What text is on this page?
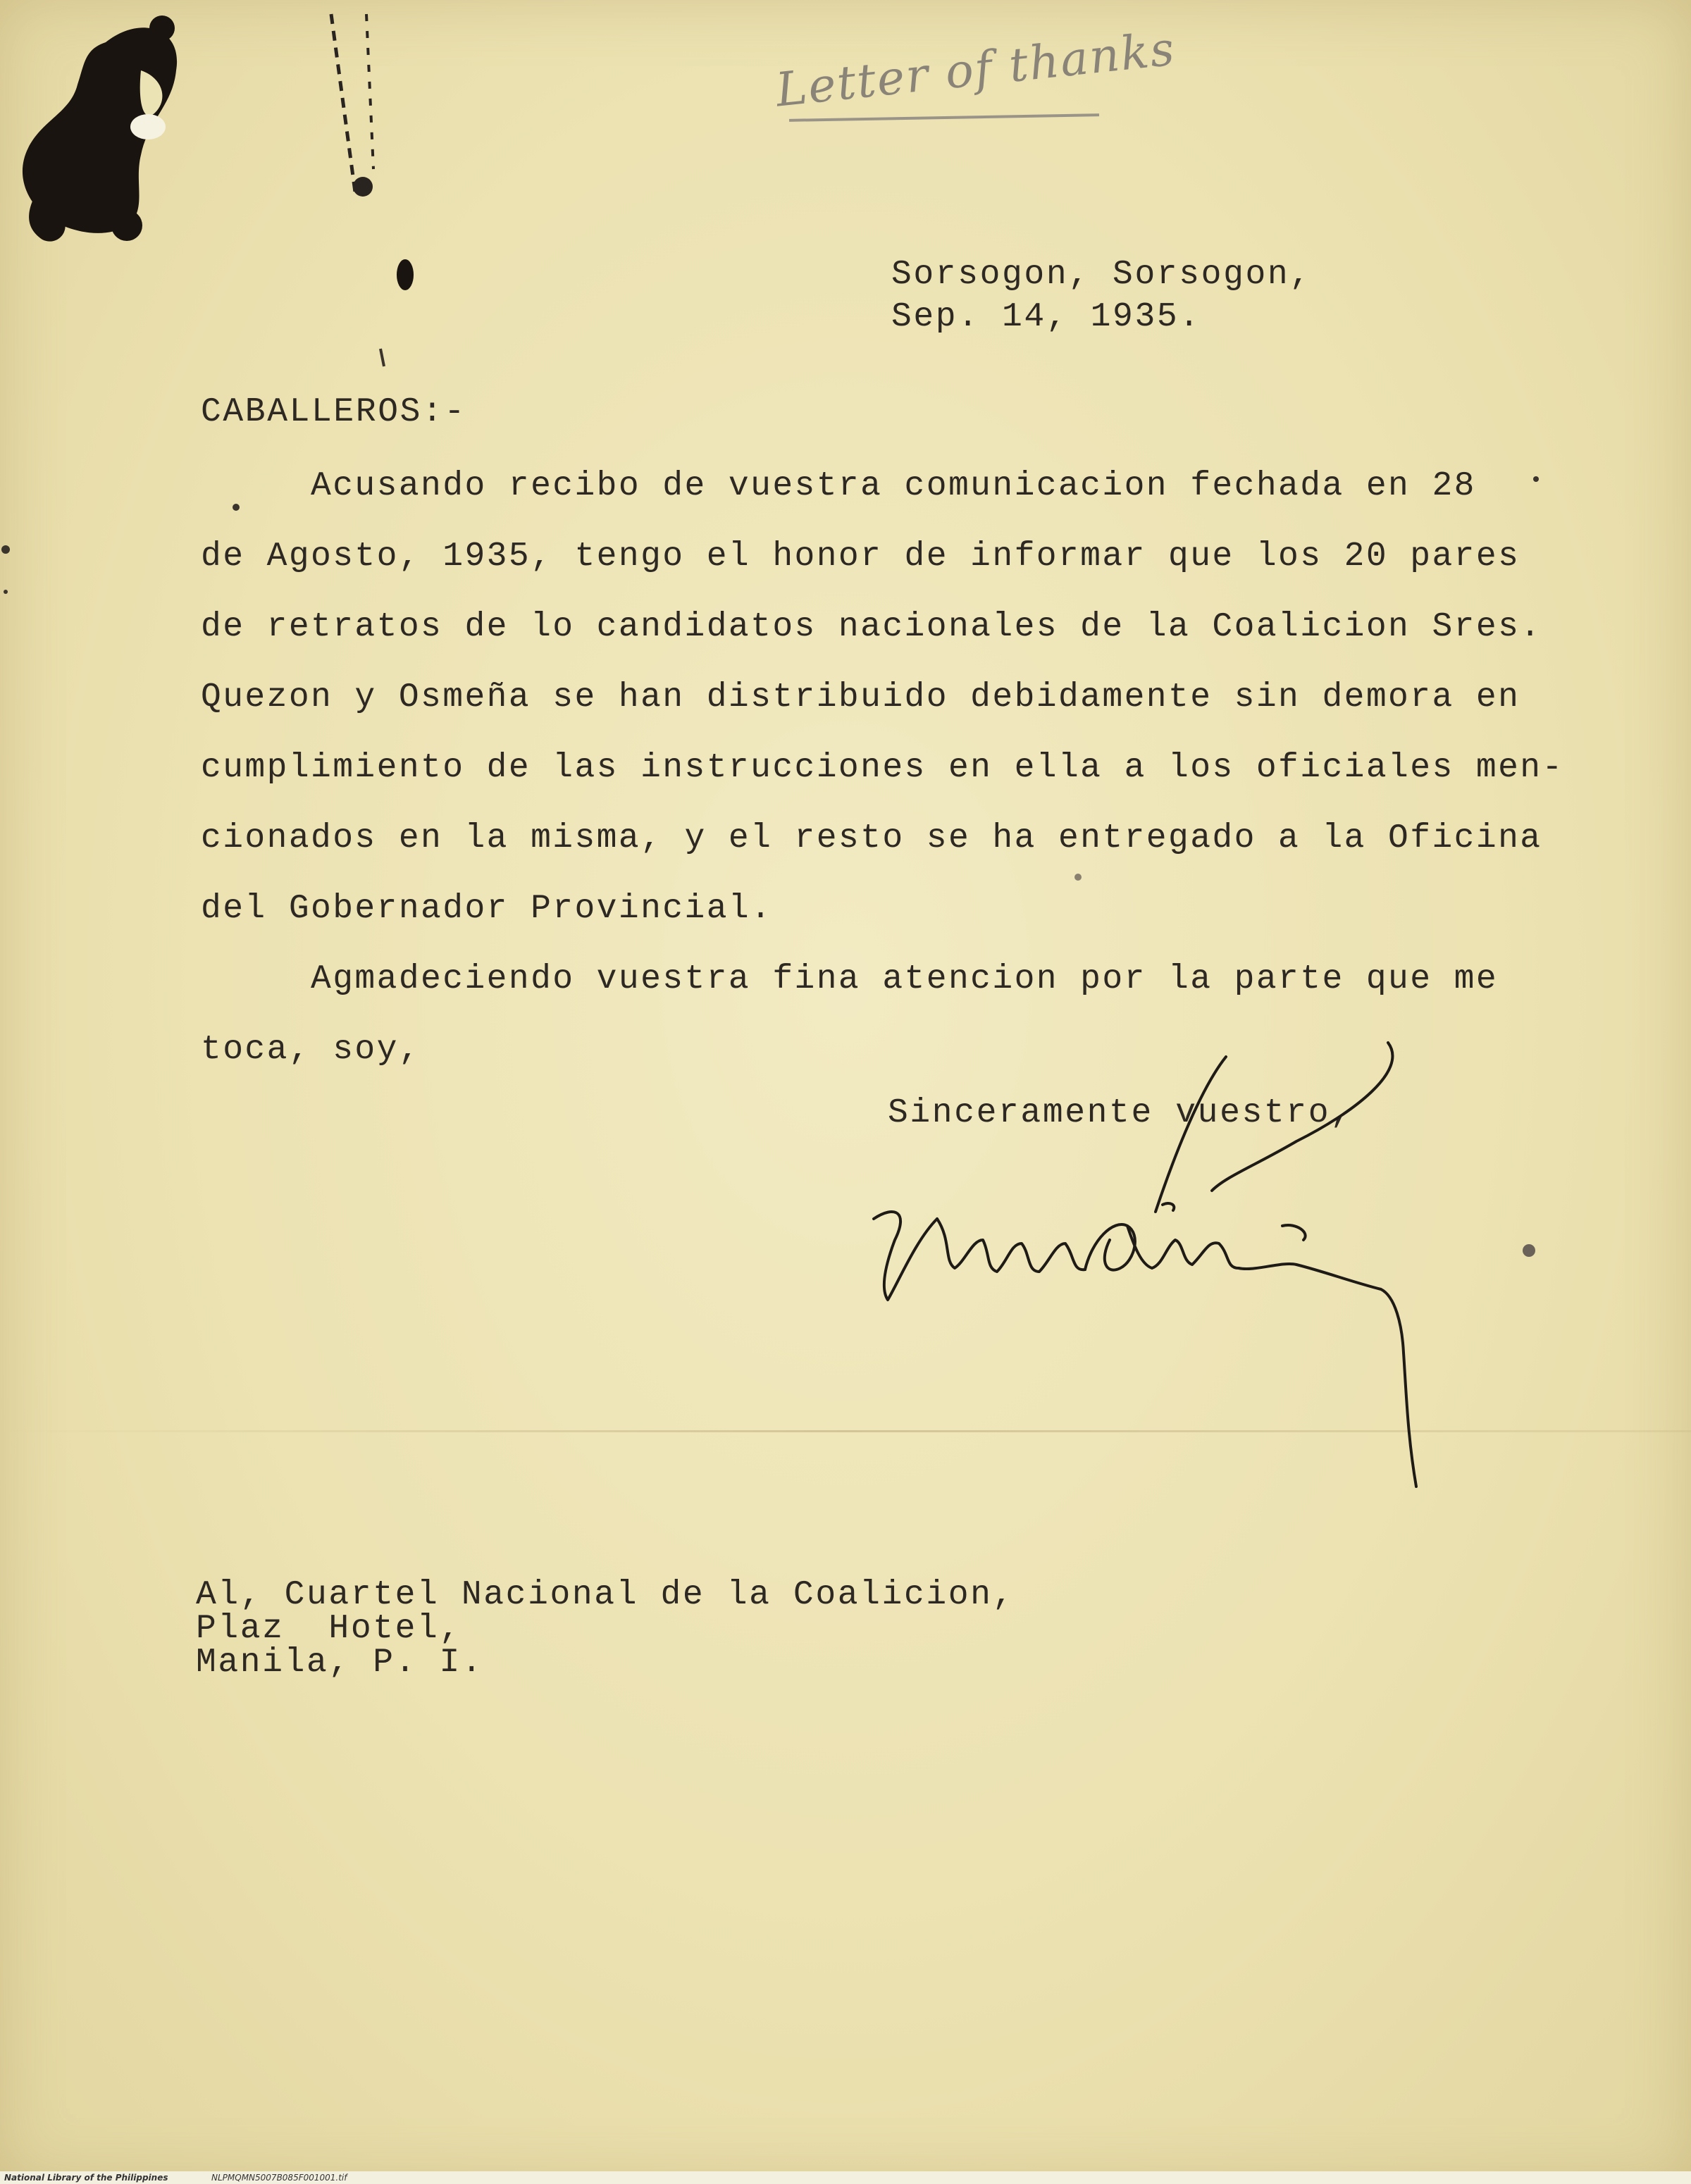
Letter of thanks
Sorsogon, Sorsogon,
Sep. 14, 1935.
CABALLEROS:-
Acusando recibo de vuestra comunicacion fechada en 28
de Agosto, 1935, tengo el honor de informar que los 20 pares
de retratos de lo candidatos nacionales de la Coalicion Sres.
Quezon y Osmeña se han distribuido debidamente sin demora en
cumplimiento de las instrucciones en ella a los oficiales men-
cionados en la misma, y el resto se ha entregado a la Oficina
del Gobernador Provincial.
Agmadeciendo vuestra fina atencion por la parte que me
toca, soy,
Sinceramente vuestro,
Al, Cuartel Nacional de la Coalicion,
Plaz  Hotel,
Manila, P. I.
National Library of the Philippines	NLPMQMN5007B085F001001.tif
